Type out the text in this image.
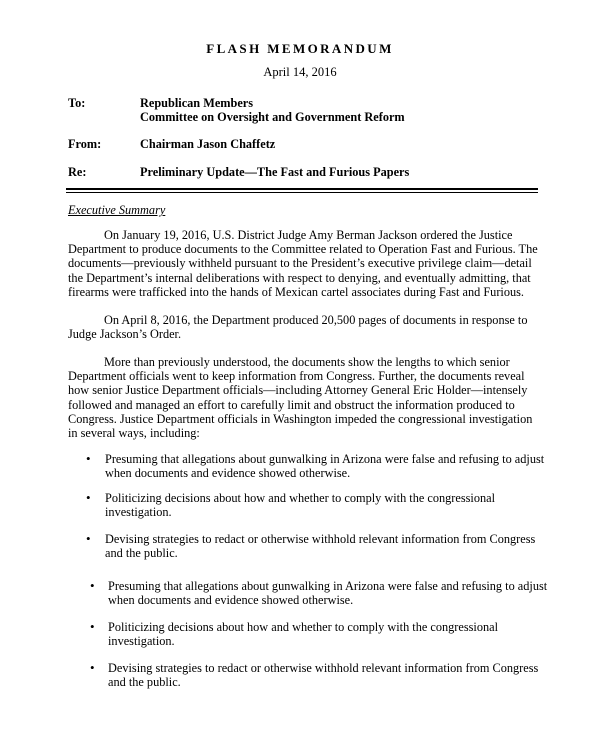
FLASH MEMORANDUM
April 14, 2016
To:	Republican Members
Committee on Oversight and Government Reform
From:	Chairman Jason Chaffetz
Re:	Preliminary Update—The Fast and Furious Papers
Executive Summary
On January 19, 2016, U.S. District Judge Amy Berman Jackson ordered the Justice
Department to produce documents to the Committee related to Operation Fast and Furious. The
documents—previously withheld pursuant to the President’s executive privilege claim—detail
the Department’s internal deliberations with respect to denying, and eventually admitting, that
firearms were trafficked into the hands of Mexican cartel associates during Fast and Furious.
On April 8, 2016, the Department produced 20,500 pages of documents in response to
Judge Jackson’s Order.
More than previously understood, the documents show the lengths to which senior
Department officials went to keep information from Congress. Further, the documents reveal
how senior Justice Department officials—including Attorney General Eric Holder—intensely
followed and managed an effort to carefully limit and obstruct the information produced to
Congress. Justice Department officials in Washington impeded the congressional investigation
in several ways, including:
• Presuming that allegations about gunwalking in Arizona were false and refusing to adjust
when documents and evidence showed otherwise.
• Politicizing decisions about how and whether to comply with the congressional
investigation.
• Devising strategies to redact or otherwise withhold relevant information from Congress
and the public.
• Presuming that allegations about gunwalking in Arizona were false and refusing to adjust
when documents and evidence showed otherwise.
• Politicizing decisions about how and whether to comply with the congressional
investigation.
• Devising strategies to redact or otherwise withhold relevant information from Congress
and the public.
